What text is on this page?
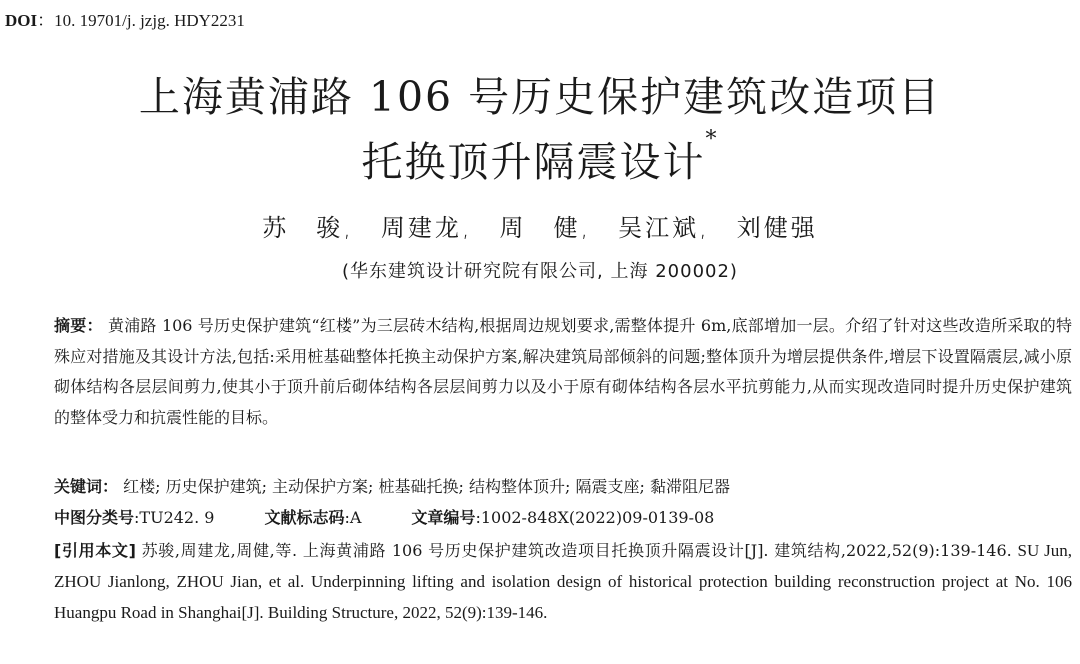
DOI：10. 19701/j. jzjg. HDY2231
上海黄浦路 106 号历史保护建筑改造项目
托换顶升隔震设计*
苏　骏,　周建龙,　周　健,　吴江斌,　刘健强
(华东建筑设计研究院有限公司, 上海 200002)
摘要： 黄浦路 106 号历史保护建筑“红楼”为三层砖木结构,根据周边规划要求,需整体提升 6m,底部增加一层。介绍了针对这些改造所采取的特殊应对措施及其设计方法,包括:采用桩基础整体托换主动保护方案,解决建筑局部倾斜的问题;整体顶升为增层提供条件,增层下设置隔震层,减小原砌体结构各层层间剪力,使其小于顶升前后砌体结构各层层间剪力以及小于原有砌体结构各层水平抗剪能力,从而实现改造同时提升历史保护建筑的整体受力和抗震性能的目标。
关键词： 红楼; 历史保护建筑; 主动保护方案; 桩基础托换; 结构整体顶升; 隔震支座; 黏滞阻尼器
中图分类号:TU242. 9	文献标志码:A	文章编号:1002-848X(2022)09-0139-08
[引用本文] 苏骏,周建龙,周健,等. 上海黄浦路 106 号历史保护建筑改造项目托换顶升隔震设计[J]. 建筑结构,2022,52(9):139-146. SU Jun, ZHOU Jianlong, ZHOU Jian, et al. Underpinning lifting and isolation design of historical protection building reconstruction project at No. 106 Huangpu Road in Shanghai[J]. Building Structure, 2022, 52(9):139-146.
